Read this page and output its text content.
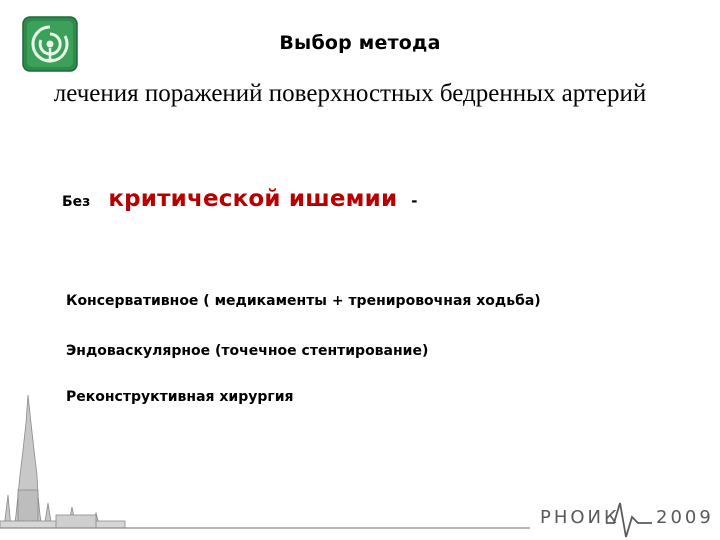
Выбор метода
лечения поражений поверхностных бедренных артерий
Без критической ишемии -
Консервативное ( медикаменты + тренировочная ходьба)
Эндоваскулярное (точечное стентирование)
Реконструктивная хирургия
РНОИК 2009
